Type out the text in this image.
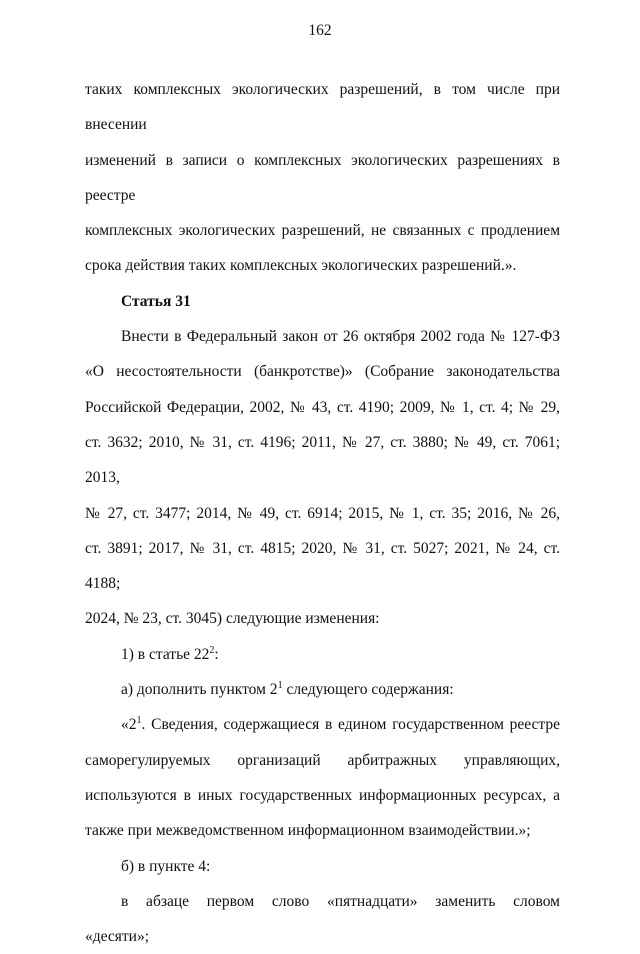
162

таких комплексных экологических разрешений, в том числе при внесении

изменений в записи о комплексных экологических разрешениях в реестре

комплексных экологических разрешений, не связанных с продлением

срока действия таких комплексных экологических разрешений.».

Статья 31

Внести в Федеральный закон от 26 октября 2002 года № 127-ФЗ

«О несостоятельности (банкротстве)» (Собрание законодательства

Российской Федерации, 2002, № 43, ст. 4190; 2009, № 1, ст. 4; № 29,

ст. 3632; 2010, № 31, ст. 4196; 2011, № 27, ст. 3880; № 49, ст. 7061; 2013,

№ 27, ст. 3477; 2014, № 49, ст. 6914; 2015, № 1, ст. 35; 2016, № 26,

ст. 3891; 2017, № 31, ст. 4815; 2020, № 31, ст. 5027; 2021, № 24, ст. 4188;

2024, № 23, ст. 3045) следующие изменения:

1) в статье $22^2$:

а) дополнить пунктом $2^1$ следующего содержания:

«$2^1$. Сведения, содержащиеся в едином государственном реестре

саморегулируемых организаций арбитражных управляющих,

используются в иных государственных информационных ресурсах, а

также при межведомственном информационном взаимодействии.»;

б) в пункте 4:

в абзаце первом слово «пятнадцати» заменить словом

«десяти»;
